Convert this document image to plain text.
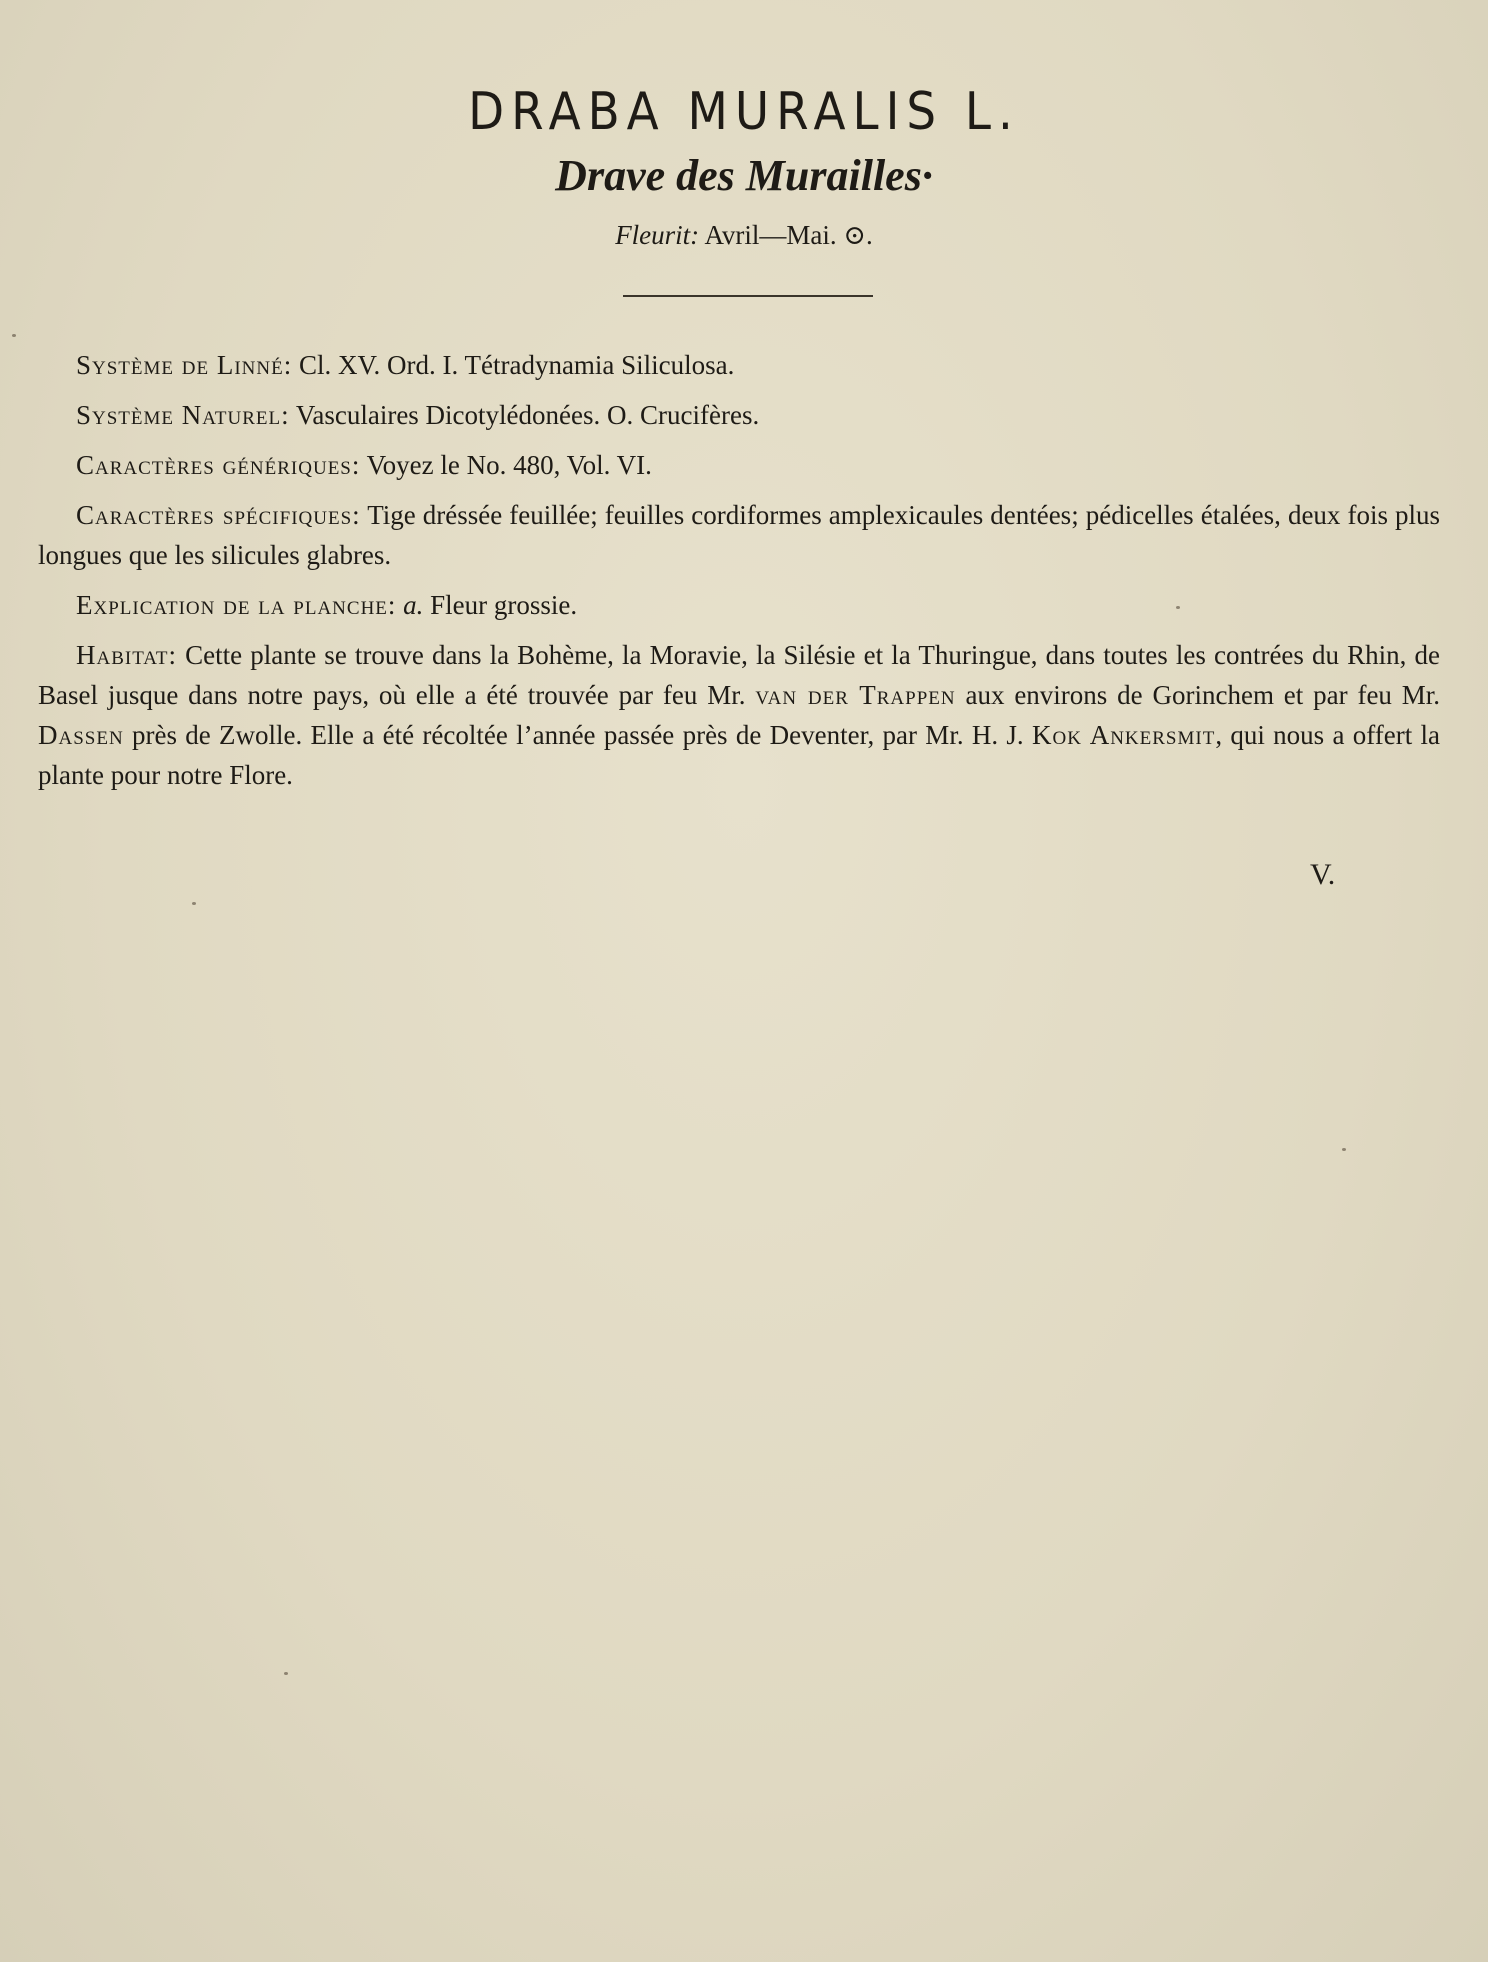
DRABA MURALIS L.
Drave des Murailles·
Fleurit: Avril—Mai. ⊙.

Système de Linné: Cl. XV. Ord. I. Tétradynamia Siliculosa.

Système Naturel: Vasculaires Dicotylédonées. O. Crucifères.

Caractères génériques: Voyez le No. 480, Vol. VI.

Caractères spécifiques: Tige dréssée feuillée; feuilles cordiformes amplexicaules dentées; pédicelles étalées, deux fois plus longues que les silicules glabres.

Explication de la planche: a. Fleur grossie.

Habitat: Cette plante se trouve dans la Bohème, la Moravie, la Silésie et la Thuringue, dans toutes les contrées du Rhin, de Basel jusque dans notre pays, où elle a été trouvée par feu Mr. van der Trappen aux environs de Gorinchem et par feu Mr. Dassen près de Zwolle. Elle a été récoltée l’année passée près de Deventer, par Mr. H. J. Kok Ankersmit, qui nous a offert la plante pour notre Flore.

V.
